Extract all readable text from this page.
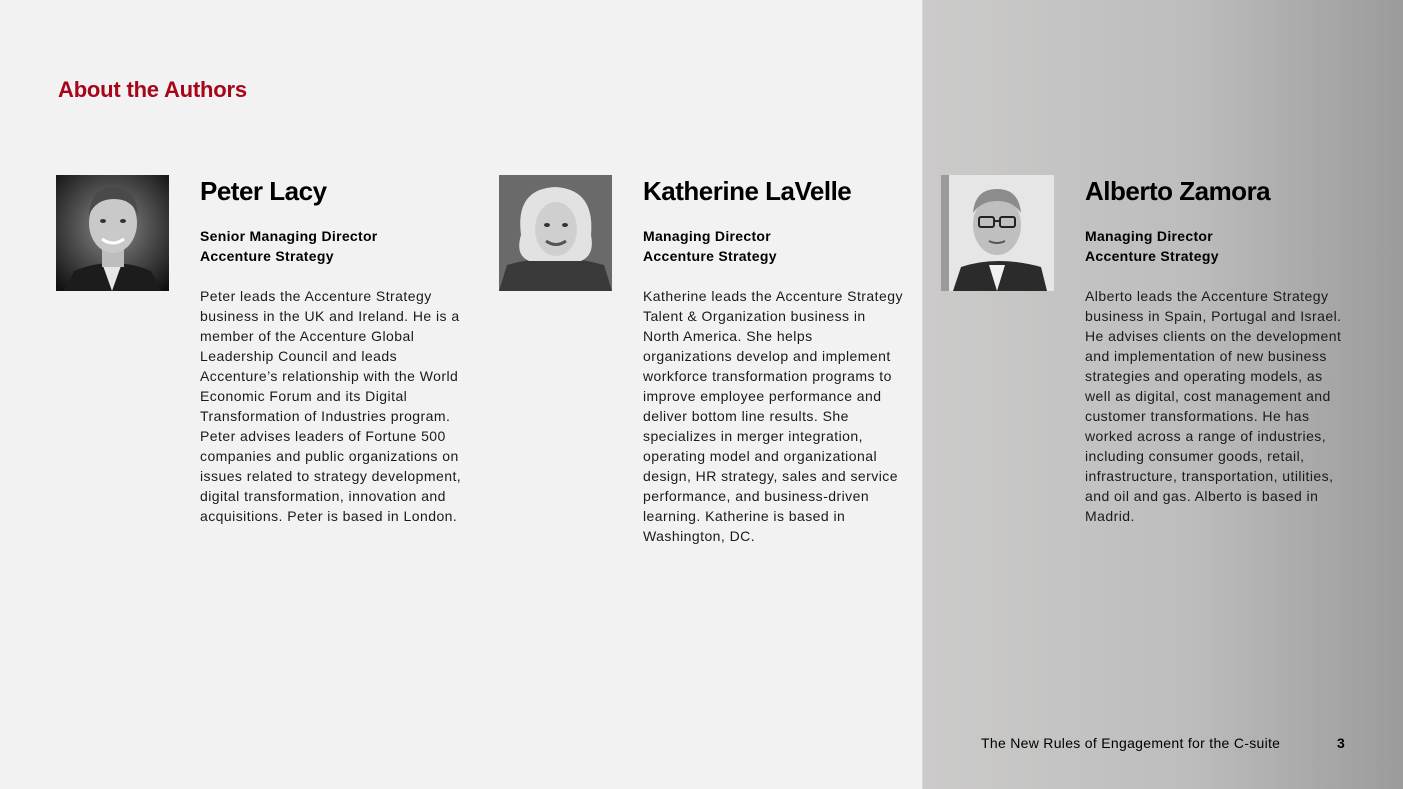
About the Authors
Peter Lacy
Senior Managing Director
Accenture Strategy
Peter leads the Accenture Strategy business in the UK and Ireland. He is a member of the Accenture Global Leadership Council and leads Accenture’s relationship with the World Economic Forum and its Digital Transformation of Industries program. Peter advises leaders of Fortune 500 companies and public organizations on issues related to strategy development, digital transformation, innovation and acquisitions. Peter is based in London.
Katherine LaVelle
Managing Director
Accenture Strategy
Katherine leads the Accenture Strategy Talent & Organization business in North America. She helps organizations develop and implement workforce transformation programs to improve employee performance and deliver bottom line results. She specializes in merger integration, operating model and organizational design, HR strategy, sales and service performance, and business-driven learning. Katherine is based in Washington, DC.
Alberto Zamora
Managing Director
Accenture Strategy
Alberto leads the Accenture Strategy business in Spain, Portugal and Israel. He advises clients on the development and implementation of new business strategies and operating models, as well as digital, cost management and customer transformations. He has worked across a range of industries, including consumer goods, retail, infrastructure, transportation, utilities, and oil and gas. Alberto is based in Madrid.
The New Rules of Engagement for the C-suite	3
